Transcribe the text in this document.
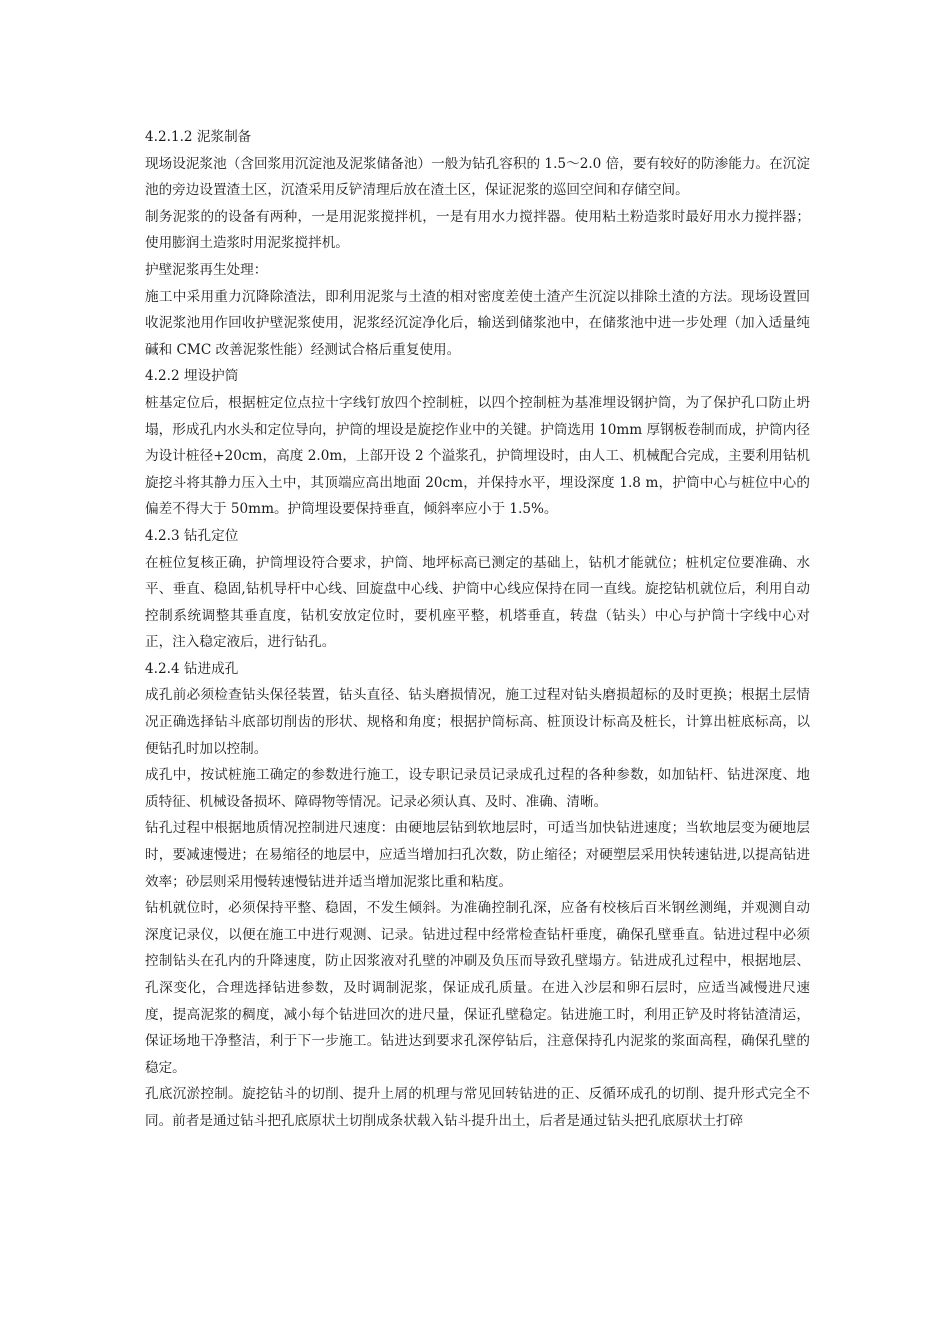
4.2.1.2 泥浆制备

现场设泥浆池（含回浆用沉淀池及泥浆储备池）一般为钻孔容积的 1.5～2.0 倍，要有较好的防渗能力。在沉淀池的旁边设置渣土区，沉渣采用反铲清理后放在渣土区，保证泥浆的巡回空间和存储空间。

制务泥浆的的设备有两种，一是用泥浆搅拌机，一是有用水力搅拌器。使用粘土粉造浆时最好用水力搅拌器；使用膨润土造浆时用泥浆搅拌机。

护壁泥浆再生处理：

施工中采用重力沉降除渣法，即利用泥浆与土渣的相对密度差使土渣产生沉淀以排除土渣的方法。现场设置回收泥浆池用作回收护壁泥浆使用，泥浆经沉淀净化后，输送到储浆池中，在储浆池中进一步处理（加入适量纯碱和 CMC 改善泥浆性能）经测试合格后重复使用。

4.2.2 埋设护筒

桩基定位后，根据桩定位点拉十字线钉放四个控制桩，以四个控制桩为基准埋设钢护筒，为了保护孔口防止坍塌，形成孔内水头和定位导向，护筒的埋设是旋挖作业中的关键。护筒选用 10mm 厚钢板卷制而成，护筒内径为设计桩径+20cm，高度 2.0m，上部开设 2 个溢浆孔，护筒埋设时，由人工、机械配合完成，主要利用钻机旋挖斗将其静力压入土中，其顶端应高出地面 20cm，并保持水平，埋设深度 1.8 m，护筒中心与桩位中心的偏差不得大于 50mm。护筒埋设要保持垂直，倾斜率应小于 1.5%。

4.2.3 钻孔定位

在桩位复核正确，护筒埋设符合要求，护筒、地坪标高已测定的基础上，钻机才能就位；桩机定位要准确、水平、垂直、稳固,钻机导杆中心线、回旋盘中心线、护筒中心线应保持在同一直线。旋挖钻机就位后，利用自动控制系统调整其垂直度，钻机安放定位时，要机座平整，机塔垂直，转盘（钻头）中心与护筒十字线中心对正，注入稳定液后，进行钻孔。

4.2.4 钻进成孔

成孔前必须检查钻头保径装置，钻头直径、钻头磨损情况，施工过程对钻头磨损超标的及时更换；根据土层情况正确选择钻斗底部切削齿的形状、规格和角度；根据护筒标高、桩顶设计标高及桩长，计算出桩底标高，以便钻孔时加以控制。

成孔中，按试桩施工确定的参数进行施工，设专职记录员记录成孔过程的各种参数，如加钻杆、钻进深度、地质特征、机械设备损坏、障碍物等情况。记录必须认真、及时、准确、清晰。

钻孔过程中根据地质情况控制进尺速度：由硬地层钻到软地层时，可适当加快钻进速度；当软地层变为硬地层时，要减速慢进；在易缩径的地层中，应适当增加扫孔次数，防止缩径；对硬塑层采用快转速钻进,以提高钻进效率；砂层则采用慢转速慢钻进并适当增加泥浆比重和粘度。

钻机就位时，必须保持平整、稳固，不发生倾斜。为准确控制孔深，应备有校核后百米钢丝测绳，并观测自动深度记录仪，以便在施工中进行观测、记录。钻进过程中经常检查钻杆垂度，确保孔壁垂直。钻进过程中必须控制钻头在孔内的升降速度，防止因浆液对孔壁的冲刷及负压而导致孔壁塌方。钻进成孔过程中，根据地层、孔深变化，合理选择钻进参数，及时调制泥浆，保证成孔质量。在进入沙层和卵石层时，应适当减慢进尺速度，提高泥浆的稠度，减小每个钻进回次的进尺量，保证孔壁稳定。钻进施工时，利用正铲及时将钻渣清运，保证场地干净整洁，利于下一步施工。钻进达到要求孔深停钻后，注意保持孔内泥浆的浆面高程，确保孔壁的稳定。

孔底沉淤控制。旋挖钻斗的切削、提升上屑的机理与常见回转钻进的正、反循环成孔的切削、提升形式完全不同。前者是通过钻斗把孔底原状土切削成条状载入钻斗提升出土，后者是通过钻头把孔底原状土打碎
